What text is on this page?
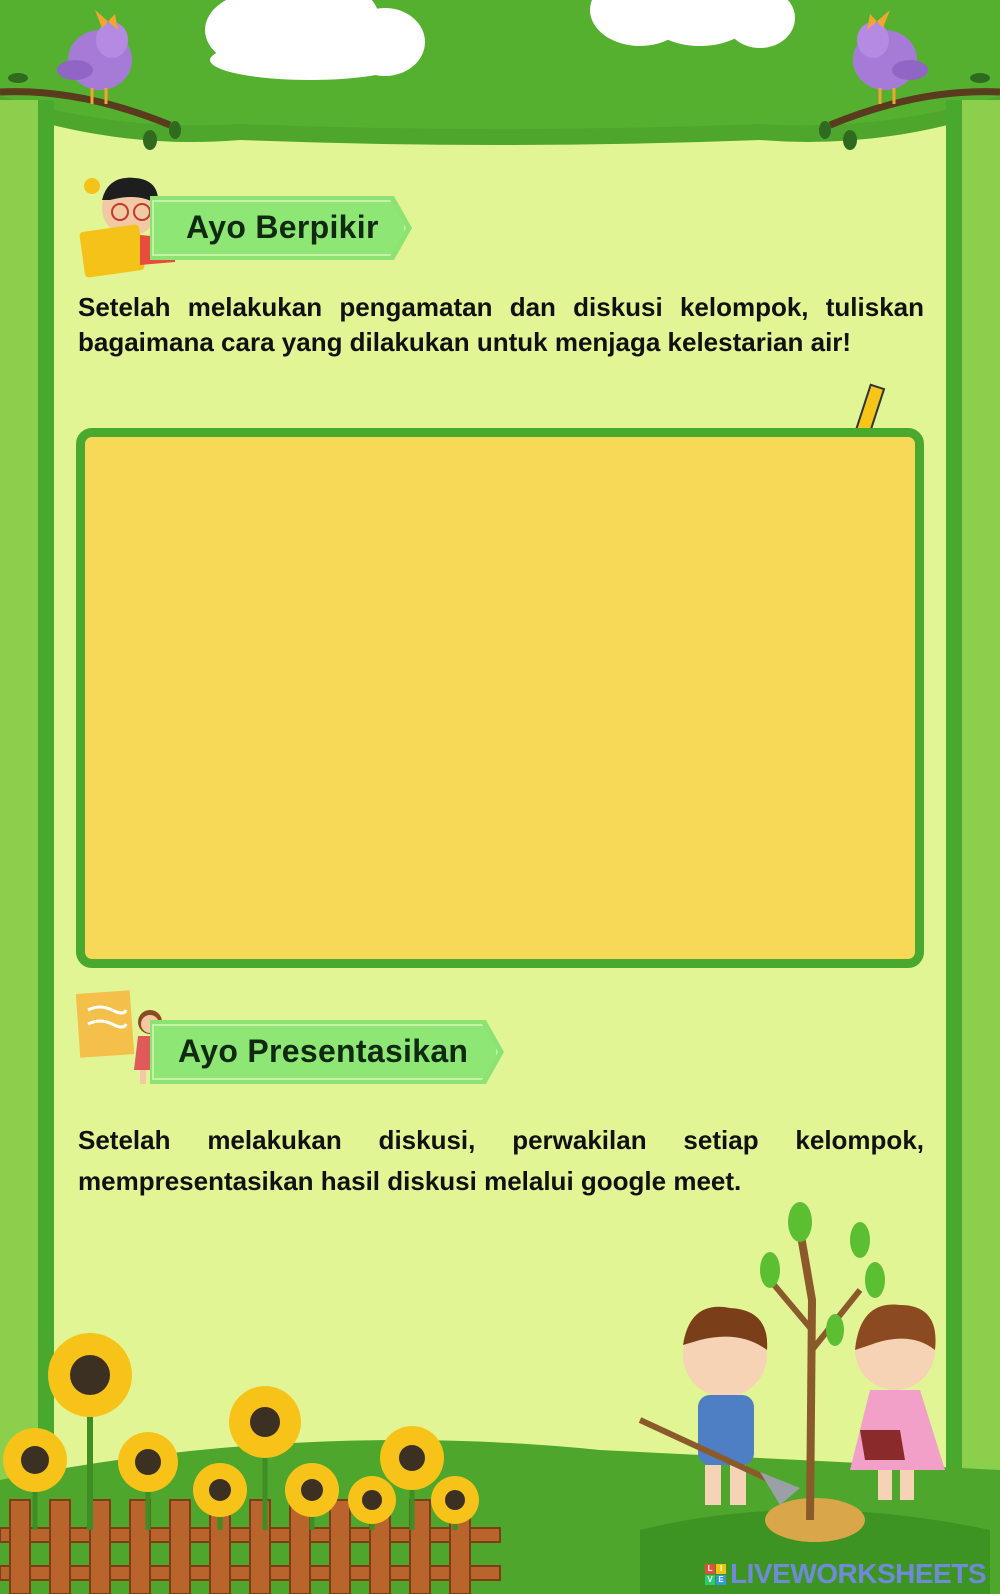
Ayo Berpikir
Setelah melakukan pengamatan dan diskusi kelompok, tuliskan bagaimana cara yang dilakukan untuk menjaga kelestarian air!
Ayo Presentasikan
Setelah melakukan diskusi, perwakilan setiap kelompok, mempresentasikan hasil diskusi melalui google meet.
L I
V E LIVEWORKSHEETS
